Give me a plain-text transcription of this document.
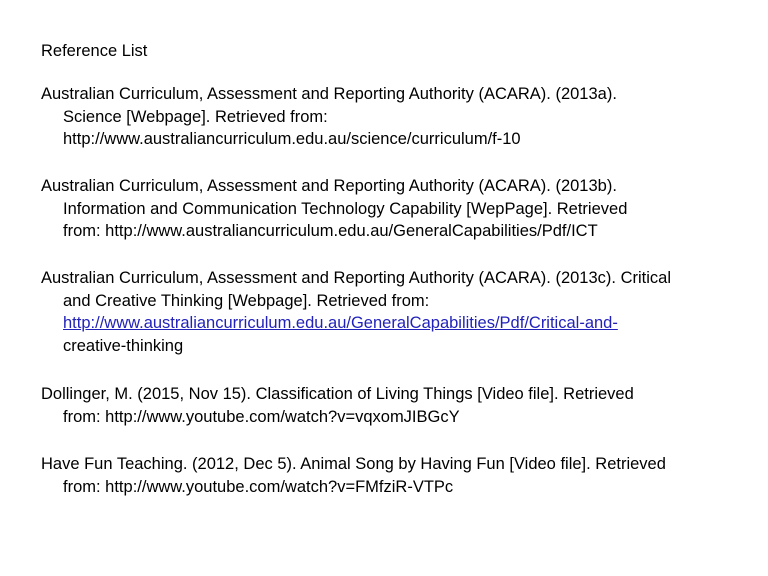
Reference List
Australian Curriculum, Assessment and Reporting Authority (ACARA). (2013a).
Science [Webpage]. Retrieved from:
http://www.australiancurriculum.edu.au/science/curriculum/f-10
Australian Curriculum, Assessment and Reporting Authority (ACARA). (2013b).
Information and Communication Technology Capability [WepPage]. Retrieved
from: http://www.australiancurriculum.edu.au/GeneralCapabilities/Pdf/ICT
Australian Curriculum, Assessment and Reporting Authority (ACARA). (2013c). Critical
and Creative Thinking [Webpage]. Retrieved from:
http://www.australiancurriculum.edu.au/GeneralCapabilities/Pdf/Critical-and-
creative-thinking
Dollinger, M. (2015, Nov 15). Classification of Living Things [Video file]. Retrieved
from: http://www.youtube.com/watch?v=vqxomJIBGcY
Have Fun Teaching. (2012, Dec 5). Animal Song by Having Fun [Video file]. Retrieved
from: http://www.youtube.com/watch?v=FMfziR-VTPc
